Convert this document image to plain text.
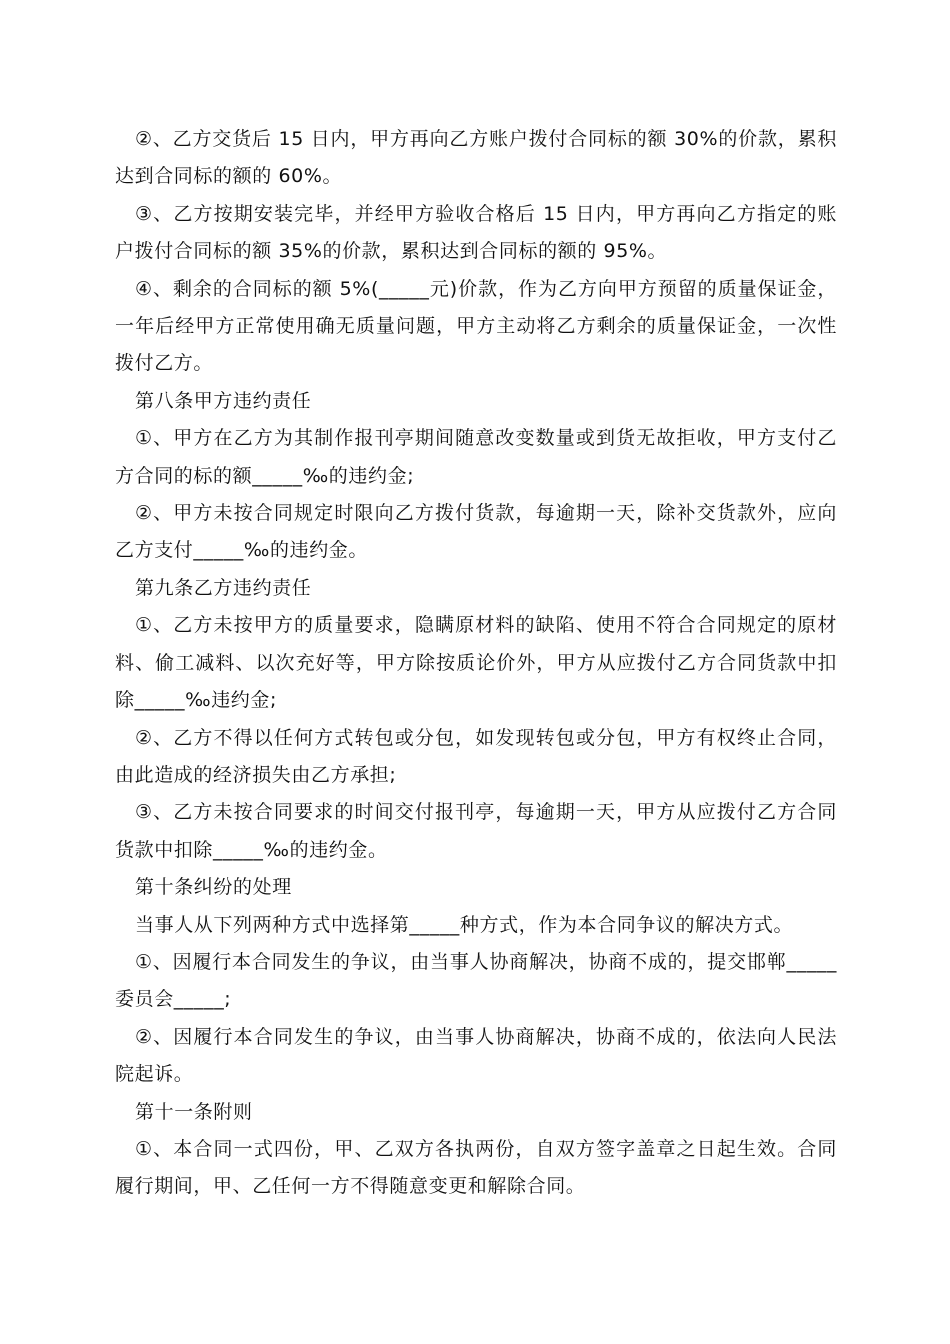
②、乙方交货后 15 日内，甲方再向乙方账户拨付合同标的额 30%的价款，累积达到合同标的额的 60%。

③、乙方按期安装完毕，并经甲方验收合格后 15 日内，甲方再向乙方指定的账户拨付合同标的额 35%的价款，累积达到合同标的额的 95%。

④、剩余的合同标的额 5%(_____元)价款，作为乙方向甲方预留的质量保证金，一年后经甲方正常使用确无质量问题，甲方主动将乙方剩余的质量保证金，一次性拨付乙方。

第八条甲方违约责任

①、甲方在乙方为其制作报刊亭期间随意改变数量或到货无故拒收，甲方支付乙方合同的标的额_____‰的违约金;

②、甲方未按合同规定时限向乙方拨付货款，每逾期一天，除补交货款外，应向乙方支付_____‰的违约金。

第九条乙方违约责任

①、乙方未按甲方的质量要求，隐瞒原材料的缺陷、使用不符合合同规定的原材料、偷工减料、以次充好等，甲方除按质论价外，甲方从应拨付乙方合同货款中扣除_____‰违约金;

②、乙方不得以任何方式转包或分包，如发现转包或分包，甲方有权终止合同，由此造成的经济损失由乙方承担;

③、乙方未按合同要求的时间交付报刊亭，每逾期一天，甲方从应拨付乙方合同货款中扣除_____‰的违约金。

第十条纠纷的处理

当事人从下列两种方式中选择第_____种方式，作为本合同争议的解决方式。

①、因履行本合同发生的争议，由当事人协商解决，协商不成的，提交邯郸_____委员会_____;

②、因履行本合同发生的争议，由当事人协商解决，协商不成的，依法向人民法院起诉。

第十一条附则

①、本合同一式四份，甲、乙双方各执两份，自双方签字盖章之日起生效。合同履行期间，甲、乙任何一方不得随意变更和解除合同。
